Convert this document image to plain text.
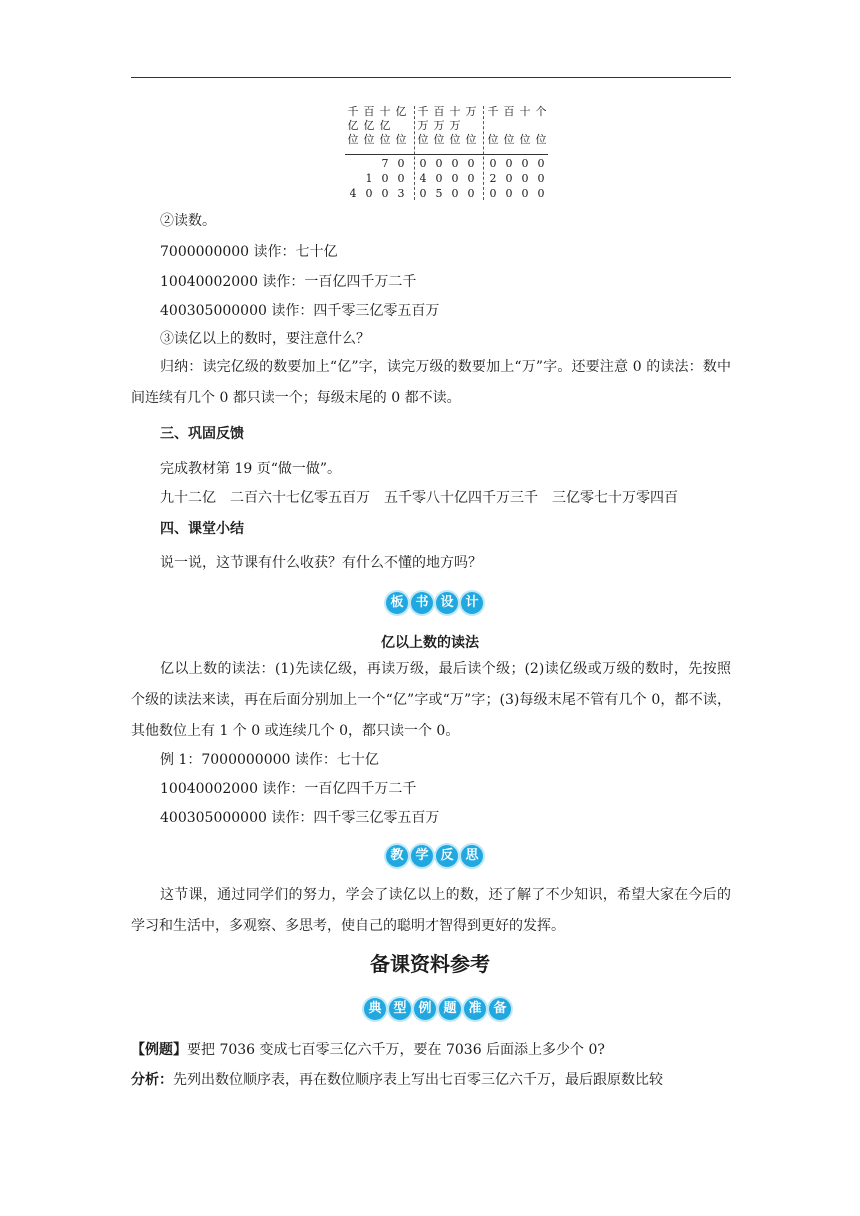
千 百 十 亿 千 百 十 万 千 百 十 个
亿 亿 亿 万 万 万
位 位 位 位 位 位 位 位 位 位 位 位
7 0 0 0 0 0 0 0 0 0
1 0 0 4 0 0 0 2 0 0 0
4 0 0 3 0 5 0 0 0 0 0 0

②读数。

7000000000 读作：七十亿

10040002000 读作：一百亿四千万二千

400305000000 读作：四千零三亿零五百万

③读亿以上的数时，要注意什么？

归纳：读完亿级的数要加上“亿”字，读完万级的数要加上“万”字。还要注意 0 的读法：数中间连续有几个 0 都只读一个；每级末尾的 0 都不读。

三、巩固反馈

完成教材第 19 页“做一做”。

九十二亿　二百六十七亿零五百万　五千零八十亿四千万三千　三亿零七十万零四百

四、课堂小结

说一说，这节课有什么收获？有什么不懂的地方吗？

板 书 设 计

亿以上数的读法

亿以上数的读法：(1)先读亿级，再读万级，最后读个级；(2)读亿级或万级的数时，先按照个级的读法来读，再在后面分别加上一个“亿”字或“万”字；(3)每级末尾不管有几个 0，都不读，其他数位上有 1 个 0 或连续几个 0，都只读一个 0。

例 1：7000000000 读作：七十亿

10040002000 读作：一百亿四千万二千

400305000000 读作：四千零三亿零五百万

教 学 反 思

这节课，通过同学们的努力，学会了读亿以上的数，还了解了不少知识，希望大家在今后的学习和生活中，多观察、多思考，使自己的聪明才智得到更好的发挥。

备课资料参考

典 型 例 题 准 备

【例题】要把 7036 变成七百零三亿六千万，要在 7036 后面添上多少个 0?

分析：先列出数位顺序表，再在数位顺序表上写出七百零三亿六千万，最后跟原数比较
